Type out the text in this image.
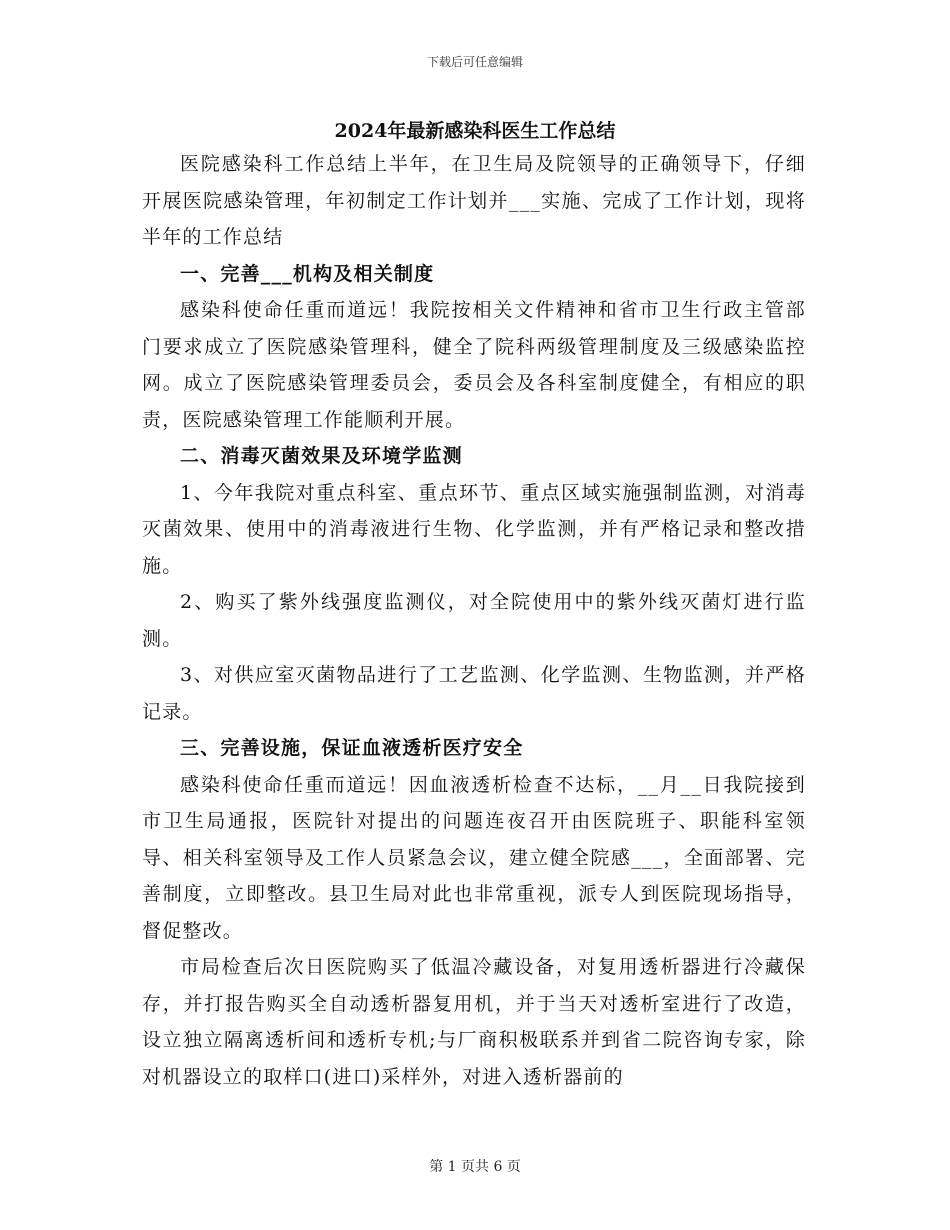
下载后可任意编辑
2024年最新感染科医生工作总结

医院感染科工作总结上半年，在卫生局及院领导的正确领导下，仔细开展医院感染管理，年初制定工作计划并___实施、完成了工作计划，现将半年的工作总结

一、完善___机构及相关制度

感染科使命任重而道远！我院按相关文件精神和省市卫生行政主管部门要求成立了医院感染管理科，健全了院科两级管理制度及三级感染监控网。成立了医院感染管理委员会，委员会及各科室制度健全，有相应的职责，医院感染管理工作能顺利开展。

二、消毒灭菌效果及环境学监测

1、今年我院对重点科室、重点环节、重点区域实施强制监测，对消毒灭菌效果、使用中的消毒液进行生物、化学监测，并有严格记录和整改措施。

2、购买了紫外线强度监测仪，对全院使用中的紫外线灭菌灯进行监测。

3、对供应室灭菌物品进行了工艺监测、化学监测、生物监测，并严格记录。

三、完善设施，保证血液透析医疗安全

感染科使命任重而道远！因血液透析检查不达标，__月__日我院接到市卫生局通报，医院针对提出的问题连夜召开由医院班子、职能科室领导、相关科室领导及工作人员紧急会议，建立健全院感___，全面部署、完善制度，立即整改。县卫生局对此也非常重视，派专人到医院现场指导，督促整改。

市局检查后次日医院购买了低温冷藏设备，对复用透析器进行冷藏保存，并打报告购买全自动透析器复用机，并于当天对透析室进行了改造，设立独立隔离透析间和透析专机;与厂商积极联系并到省二院咨询专家，除对机器设立的取样口(进口)采样外，对进入透析器前的

第 1 页共 6 页
